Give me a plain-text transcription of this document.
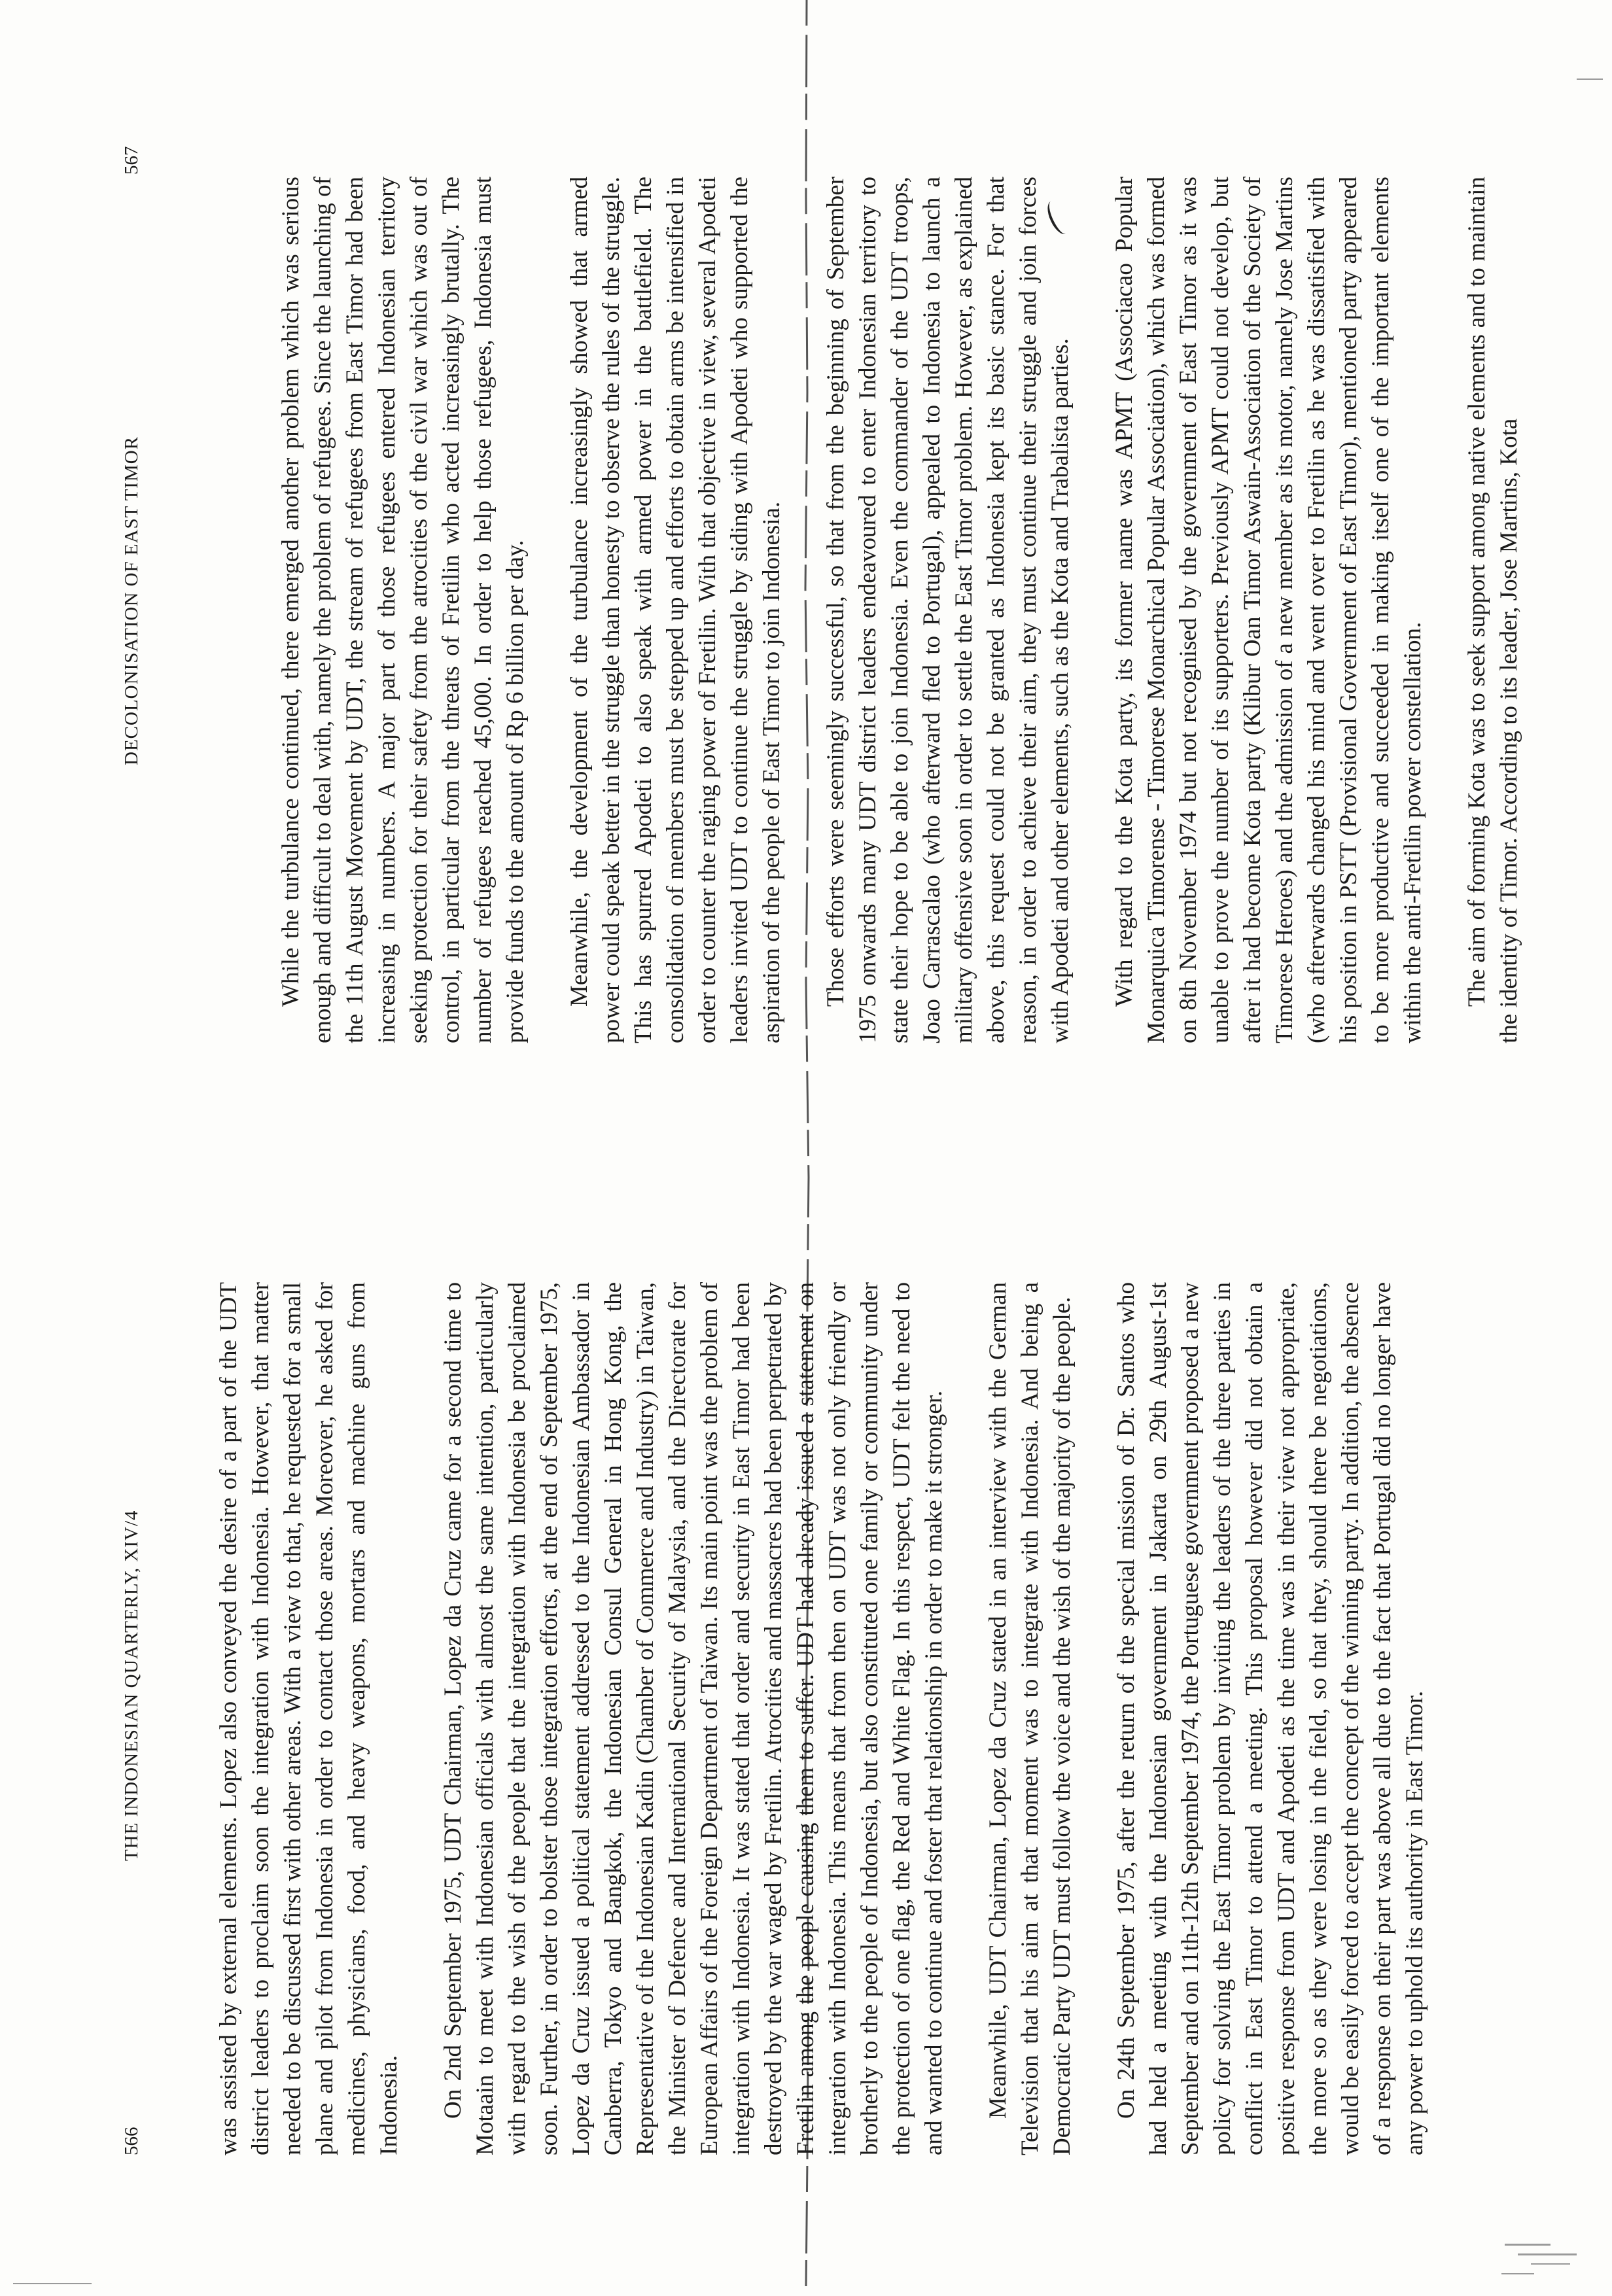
566
THE INDONESIAN QUARTERLY, XIV/4	was assisted by external elements. Lopez also conveyed the desire of a part of the UDT district leaders to proclaim soon the integration with Indonesia. However, that matter needed to be discussed first with other areas. With a view to that, he requested for a small plane and pilot from Indonesia in order to contact those areas. Moreover, he asked for medicines, physicians, food, and heavy weapons, mortars and machine guns from Indonesia. On 2nd September 1975, UDT Chairman, Lopez da Cruz came for a second time to Motaain to meet with Indonesian officials with almost the same intention, particularly with regard to the wish of the people that the integration with Indonesia be proclaimed soon. Further, in order to bolster those integration efforts, at the end of September 1975, Lopez da Cruz issued a political statement addressed to the Indonesian Ambassador in Canberra, Tokyo and Bangkok, the Indonesian Consul General in Hong Kong, the Representative of the Indonesian Kadin (Chamber of Commerce and Industry) in Taiwan, the Minister of Defence and International Security of Malaysia, and the Directorate for European Affairs of the Foreign Department of Taiwan. Its main point was the problem of integration with Indonesia. It was stated that order and security in East Timor had been destroyed by the war waged by Fretilin. Atrocities and massacres had been perpetrated by Fretilin among the people causing them to suffer. UDT had already issued a statement on integration with Indonesia. This means that from then on UDT was not only friendly or brotherly to the people of Indonesia, but also constituted one family or community under the protection of one flag, the Red and White Flag. In this respect, UDT felt the need to and wanted to continue and foster that relationship in order to make it stronger. Meanwhile, UDT Chairman, Lopez da Cruz stated in an interview with the German Television that his aim at that moment was to integrate with Indonesia. And being a Democratic Party UDT must follow the voice and the wish of the majority of the people. On 24th September 1975, after the return of the special mission of Dr. Santos who had held a meeting with the Indonesian government in Jakarta on 29th August-1st September and on 11th-12th September 1974, the Portuguese government proposed a new policy for solving the East Timor problem by inviting the leaders of the three parties in conflict in East Timor to attend a meeting. This proposal however did not obtain a positive response from UDT and Apodeti as the time was in their view not appropriate, the more so as they were losing in the field, so that they, should there be negotiations, would be easily forced to accept the concept of the winning party. In addition, the absence of a response on their part was above all due to the fact that Portugal did no longer have any power to uphold its authority in East Timor.

DECOLONISATION OF EAST TIMOR
567

While the turbulance continued, there emerged another problem which was serious enough and difficult to deal with, namely the problem of refugees. Since the launching of the 11th August Movement by UDT, the stream of refugees from East Timor had been increasing in numbers. A major part of those refugees entered Indonesian territory seeking protection for their safety from the atrocities of the civil war which was out of control, in particular from the threats of Fretilin who acted increasingly brutally. The number of refugees reached 45,000. In order to help those refugees, Indonesia must provide funds to the amount of Rp 6 billion per day. Meanwhile, the development of the turbulance increasingly showed that armed power could speak better in the struggle than honesty to observe the rules of the struggle. This has spurred Apodeti to also speak with armed power in the battlefield. The consolidation of members must be stepped up and efforts to obtain arms be intensified in order to counter the raging power of Fretilin. With that objective in view, several Apodeti leaders invited UDT to continue the struggle by siding with Apodeti who supported the aspiration of the people of East Timor to join Indonesia. Those efforts were seemingly successful, so that from the beginning of September 1975 onwards many UDT district leaders endeavoured to enter Indonesian territory to state their hope to be able to join Indonesia. Even the commander of the UDT troops, Joao Carrascalao (who afterward fled to Portugal), appealed to Indonesia to launch a military offensive soon in order to settle the East Timor problem. However, as explained above, this request could not be granted as Indonesia kept its basic stance. For that reason, in order to achieve their aim, they must continue their struggle and join forces with Apodeti and other elements, such as the Kota and Trabalista parties. With regard to the Kota party, its former name was APMT (Associacao Popular Monarquica Timorense - Timorese Monarchical Popular Association), which was formed on 8th November 1974 but not recognised by the government of East Timor as it was unable to prove the number of its supporters. Previously APMT could not develop, but after it had become Kota party (Klibur Oan Timor Aswain-Association of the Society of Timorese Heroes) and the admission of a new member as its motor, namely Jose Martins (who afterwards changed his mind and went over to Fretilin as he was dissatisfied with his position in PSTT (Provisional Government of East Timor), mentioned party appeared to be more productive and succeeded in making itself one of the important elements within the anti-Fretilin power constellation. The aim of forming Kota was to seek support among native elements and to maintain the identity of Timor. According to its leader, Jose Martins, Kota
